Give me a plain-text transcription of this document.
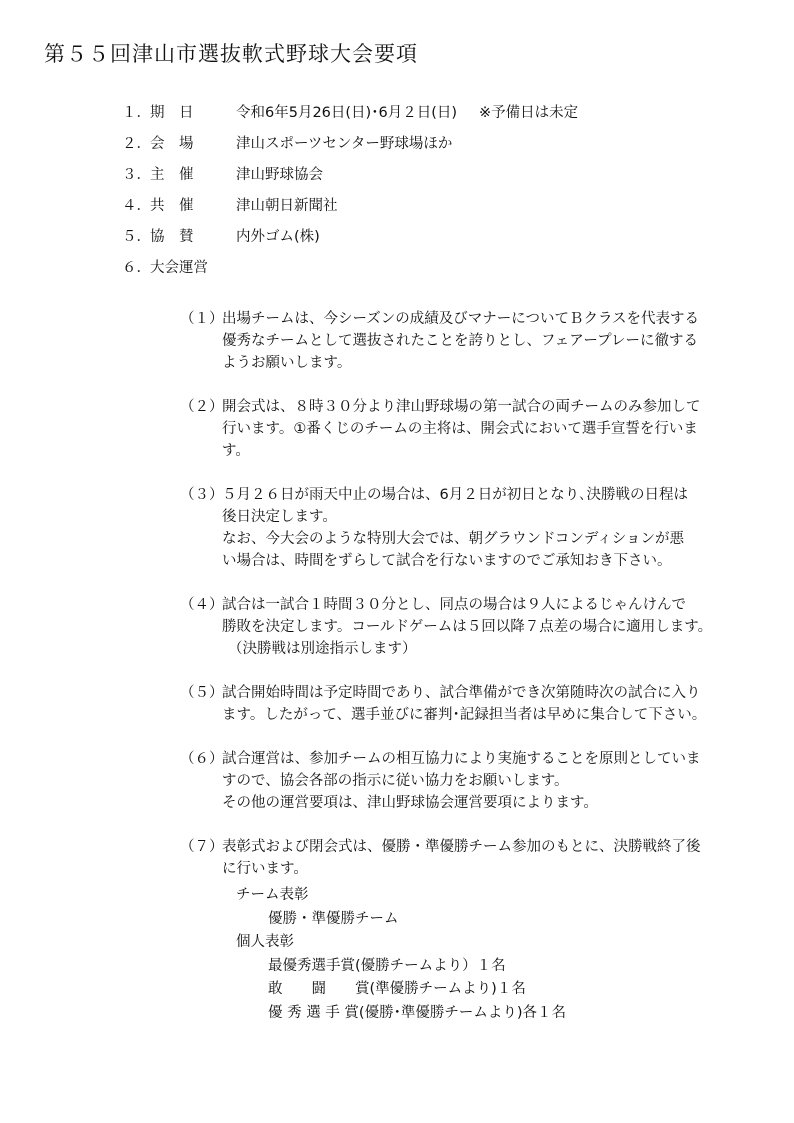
第５５回津山市選抜軟式野球大会要項
１． 期　日	令和6年5月26日(日)･6月２日(日) ※予備日は未定
２． 会　場	津山スポーツセンター野球場ほか
３． 主　催	津山野球協会
４． 共　催	津山朝日新聞社
５． 協　賛	内外ゴム(株)
６． 大会運営
（１）
出場チームは、今シーズンの成績及びマナーについてＢクラスを代表する
優秀なチームとして選抜されたことを誇りとし、フェアープレーに徹する
ようお願いします。
（２）
開会式は、８時３０分より津山野球場の第一試合の両チームのみ参加して
行います。①番くじのチームの主将は、開会式において選手宣誓を行いま
す。
（３）
５月２６日が雨天中止の場合は、6月２日が初日となり､決勝戦の日程は
後日決定します。
なお、今大会のような特別大会では、朝グラウンドコンディションが悪
い場合は、時間をずらして試合を行ないますのでご承知おき下さい。
（４）
試合は一試合１時間３０分とし、同点の場合は９人によるじゃんけんで
勝敗を決定します。コールドゲームは５回以降７点差の場合に適用します。
（決勝戦は別途指示します）
（５）
試合開始時間は予定時間であり、試合準備ができ次第随時次の試合に入り
ます。したがって、選手並びに審判･記録担当者は早めに集合して下さい。
（６）
試合運営は、参加チームの相互協力により実施することを原則としていま
すので、協会各部の指示に従い協力をお願いします。
その他の運営要項は、津山野球協会運営要項によります。
（７）
表彰式および閉会式は、優勝・準優勝チーム参加のもとに、決勝戦終了後
に行います。
チーム表彰
優勝・準優勝チーム
個人表彰
最優秀選手賞(優勝チームより）１名
敢　　闘　　賞(準優勝チームより)１名
優 秀 選 手 賞(優勝･準優勝チームより)各１名
